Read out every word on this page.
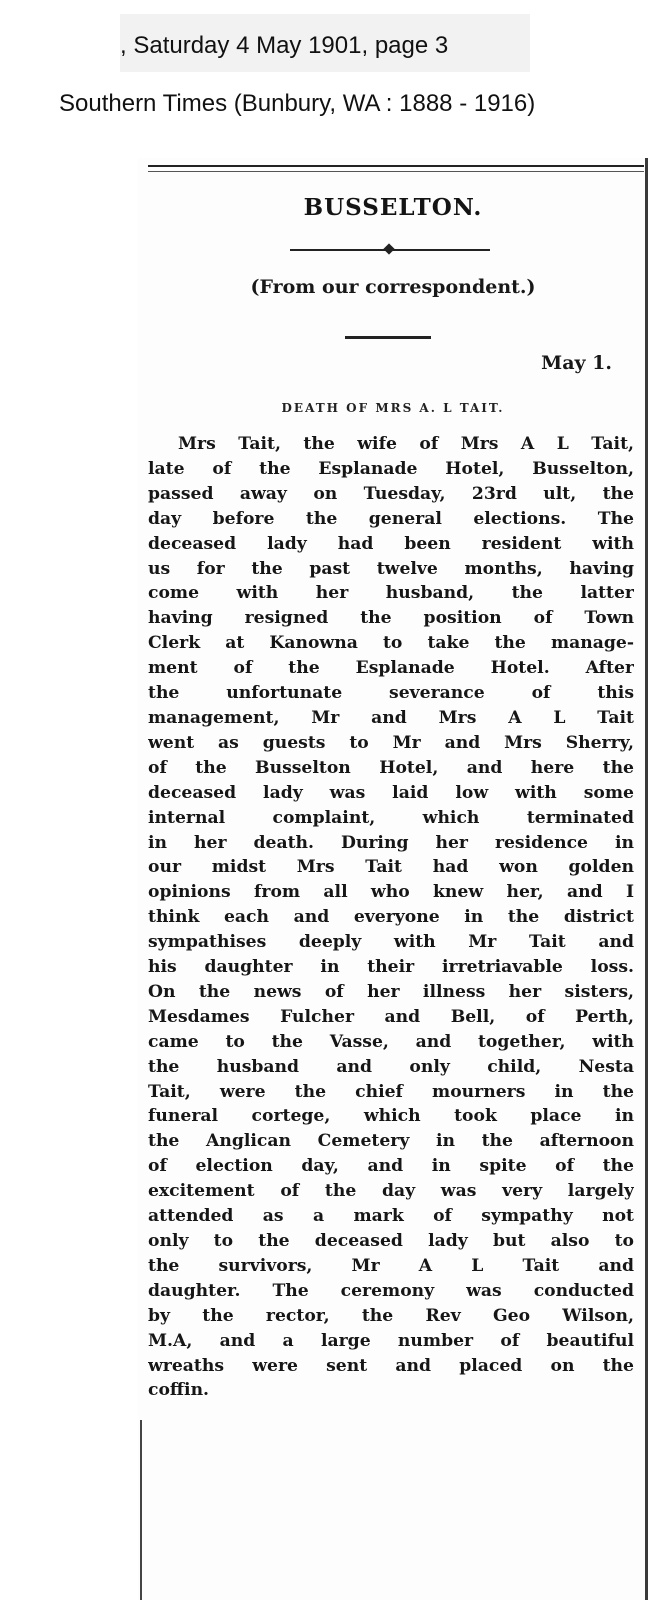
, Saturday 4 May 1901, page 3
Southern Times (Bunbury, WA : 1888 - 1916)
BUSSELTON.
(From our correspondent.)
May 1.
DEATH OF MRS A. L TAIT.
Mrs Tait, the wife of Mrs A L Tait,
late of the Esplanade Hotel, Busselton,
passed away on Tuesday, 23rd ult, the
day before the general elections. The
deceased lady had been resident with
us for the past twelve months, having
come with her husband, the latter
having resigned the position of Town
Clerk at Kanowna to take the manage-
ment of the Esplanade Hotel. After
the unfortunate severance of this
management, Mr and Mrs A L Tait
went as guests to Mr and Mrs Sherry,
of the Busselton Hotel, and here the
deceased lady was laid low with some
internal complaint, which terminated
in her death. During her residence in
our midst Mrs Tait had won golden
opinions from all who knew her, and I
think each and everyone in the district
sympathises deeply with Mr Tait and
his daughter in their irretriavable loss.
On the news of her illness her sisters,
Mesdames Fulcher and Bell, of Perth,
came to the Vasse, and together, with
the husband and only child, Nesta
Tait, were the chief mourners in the
funeral cortege, which took place in
the Anglican Cemetery in the afternoon
of election day, and in spite of the
excitement of the day was very largely
attended as a mark of sympathy not
only to the deceased lady but also to
the survivors, Mr A L Tait and
daughter. The ceremony was conducted
by the rector, the Rev Geo Wilson,
M.A, and a large number of beautiful
wreaths were sent and placed on the
coffin.
